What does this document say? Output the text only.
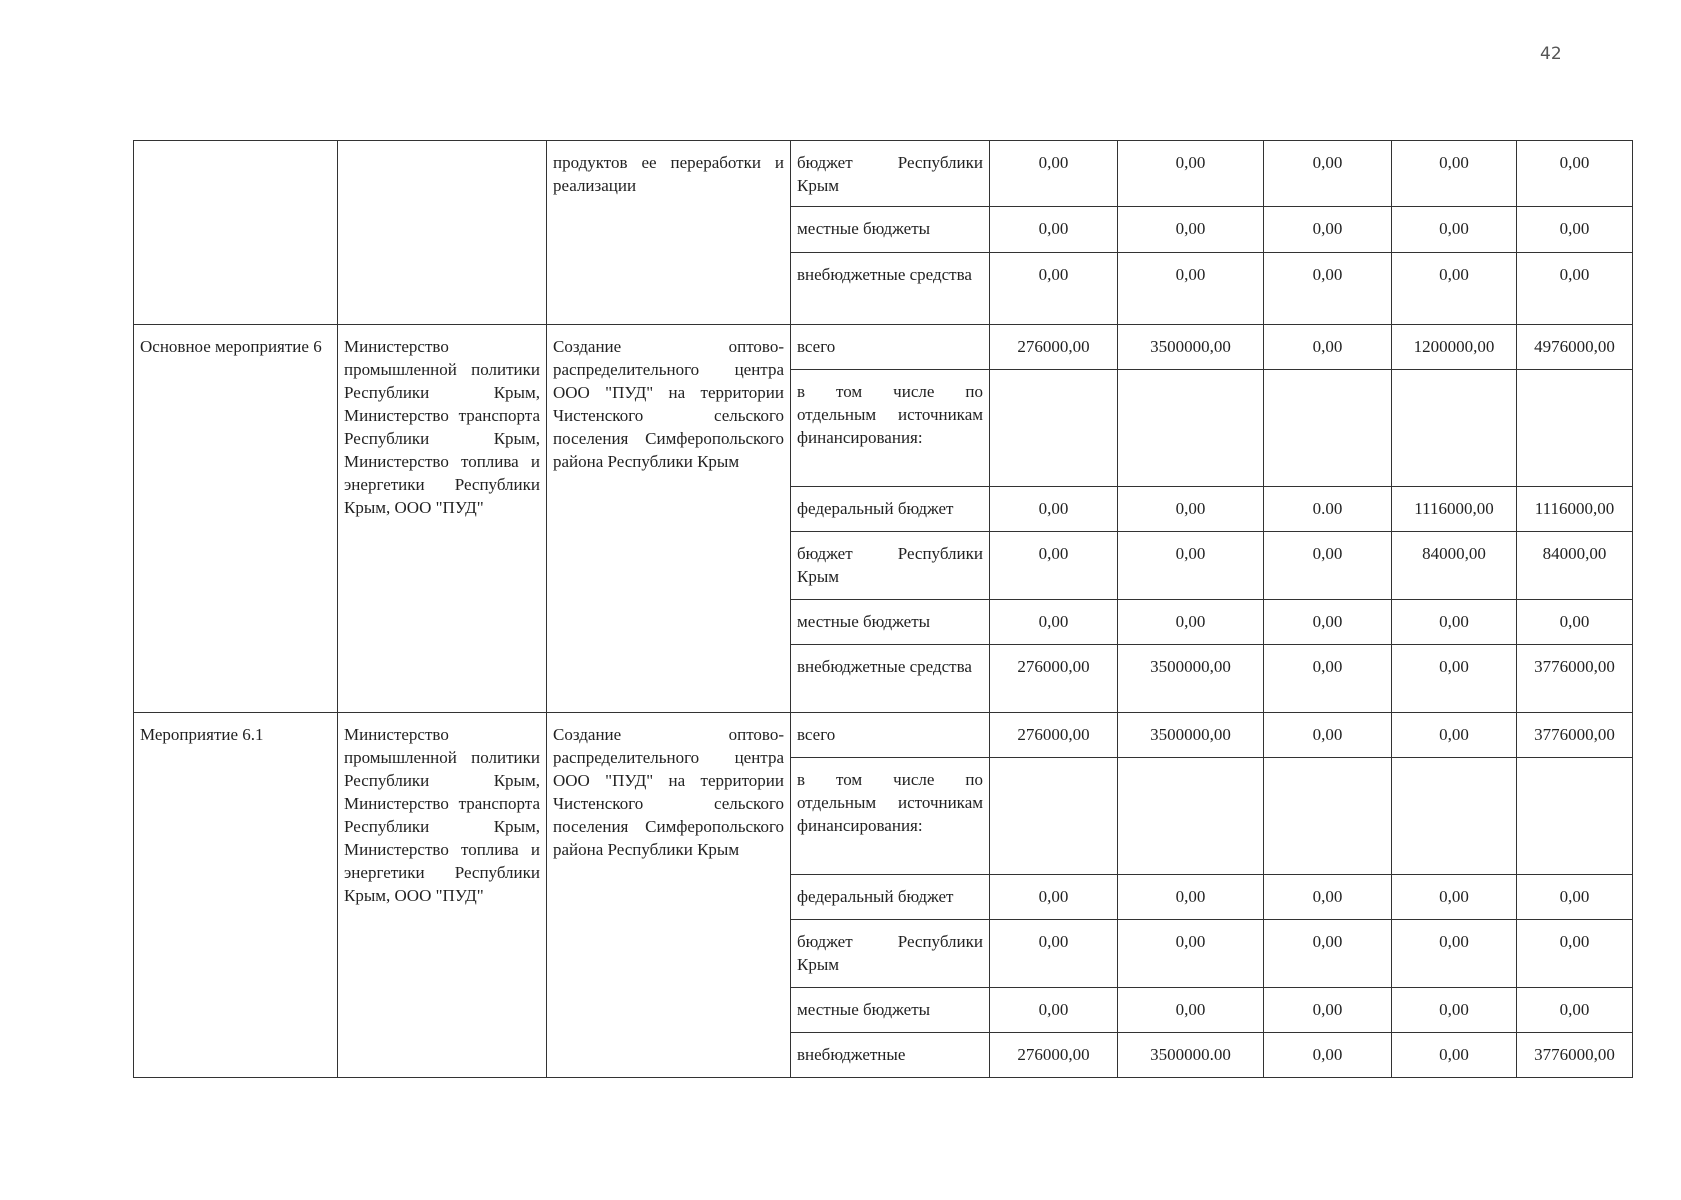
42
		продуктов ее переработки и реализации	бюджет Республики Крым	0,00	0,00	0,00	0,00	0,00
			местные бюджеты	0,00	0,00	0,00	0,00	0,00
			внебюджетные средства	0,00	0,00	0,00	0,00	0,00
Основное мероприятие 6	Министерство промышленной политики Республики Крым, Министерство транспорта Республики Крым, Министерство топлива и энергетики Республики Крым, ООО "ПУД"	Создание оптово-распределительного центра ООО "ПУД" на территории Чистенского сельского поселения Симферопольского района Республики Крым	всего	276000,00	3500000,00	0,00	1200000,00	4976000,00
			в том числе по отдельным источникам финансирования:					
			федеральный бюджет	0,00	0,00	0.00	1116000,00	1116000,00
			бюджет Республики Крым	0,00	0,00	0,00	84000,00	84000,00
			местные бюджеты	0,00	0,00	0,00	0,00	0,00
			внебюджетные средства	276000,00	3500000,00	0,00	0,00	3776000,00
Мероприятие 6.1	Министерство промышленной политики Республики Крым, Министерство транспорта Республики Крым, Министерство топлива и энергетики Республики Крым, ООО "ПУД"	Создание оптово-распределительного центра ООО "ПУД" на территории Чистенского сельского поселения Симферопольского района Республики Крым	всего	276000,00	3500000,00	0,00	0,00	3776000,00
			в том числе по отдельным источникам финансирования:					
			федеральный бюджет	0,00	0,00	0,00	0,00	0,00
			бюджет Республики Крым	0,00	0,00	0,00	0,00	0,00
			местные бюджеты	0,00	0,00	0,00	0,00	0,00
			внебюджетные	276000,00	3500000.00	0,00	0,00	3776000,00
